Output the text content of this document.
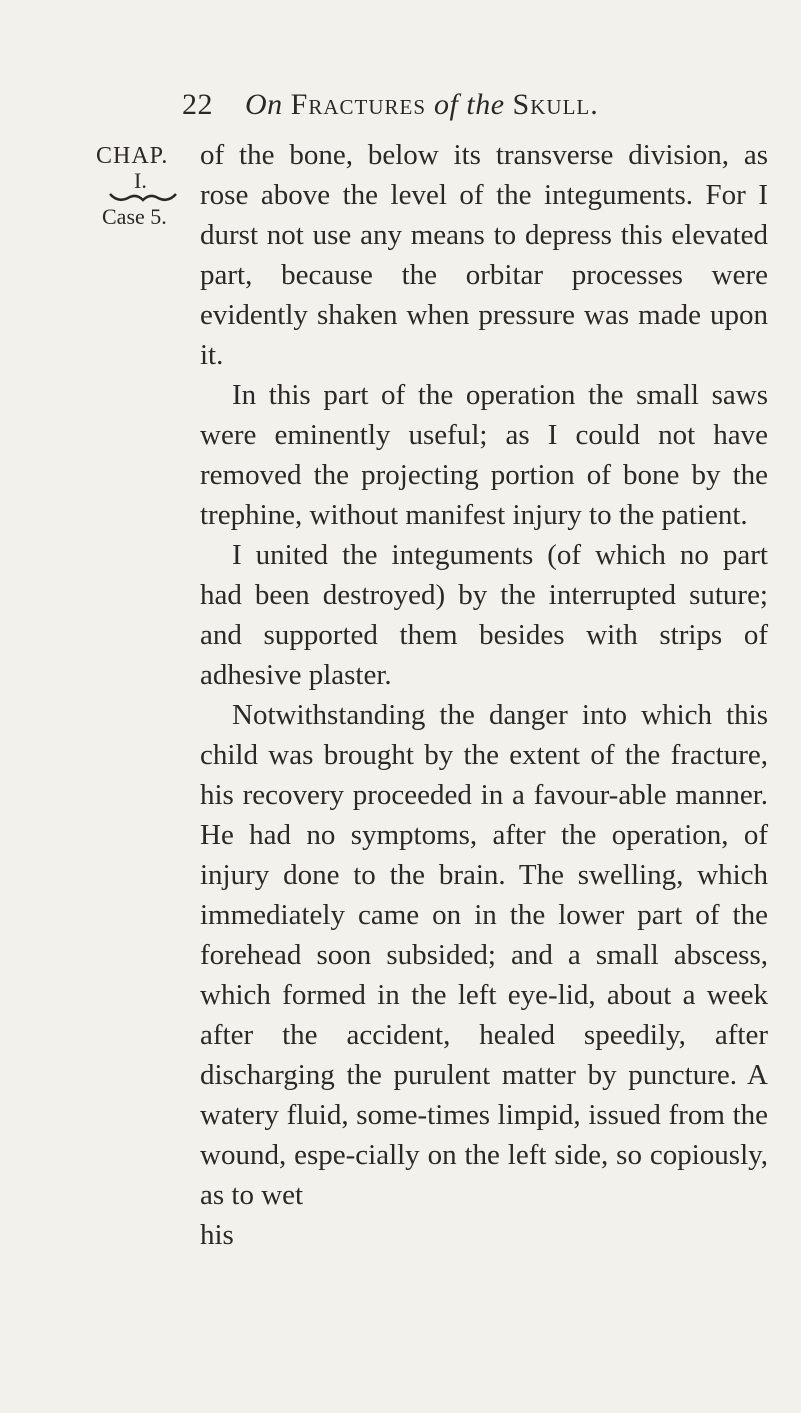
22 On Fractures of the Skull.
CHAP.
I.
Case 5.

of the bone, below its transverse division, as rose above the level of the integuments. For I durst not use any means to depress this elevated part, because the orbitar processes were evidently shaken when pressure was made upon it.

In this part of the operation the small saws were eminently useful; as I could not have removed the projecting portion of bone by the trephine, without manifest injury to the patient.

I united the integuments (of which no part had been destroyed) by the interrupted suture; and supported them besides with strips of adhesive plaster.

Notwithstanding the danger into which this child was brought by the extent of the fracture, his recovery proceeded in a favour-able manner. He had no symptoms, after the operation, of injury done to the brain. The swelling, which immediately came on in the lower part of the forehead soon subsided; and a small abscess, which formed in the left eye-lid, about a week after the accident, healed speedily, after discharging the purulent matter by puncture. A watery fluid, some-times limpid, issued from the wound, espe-cially on the left side, so copiously, as to wet

his
